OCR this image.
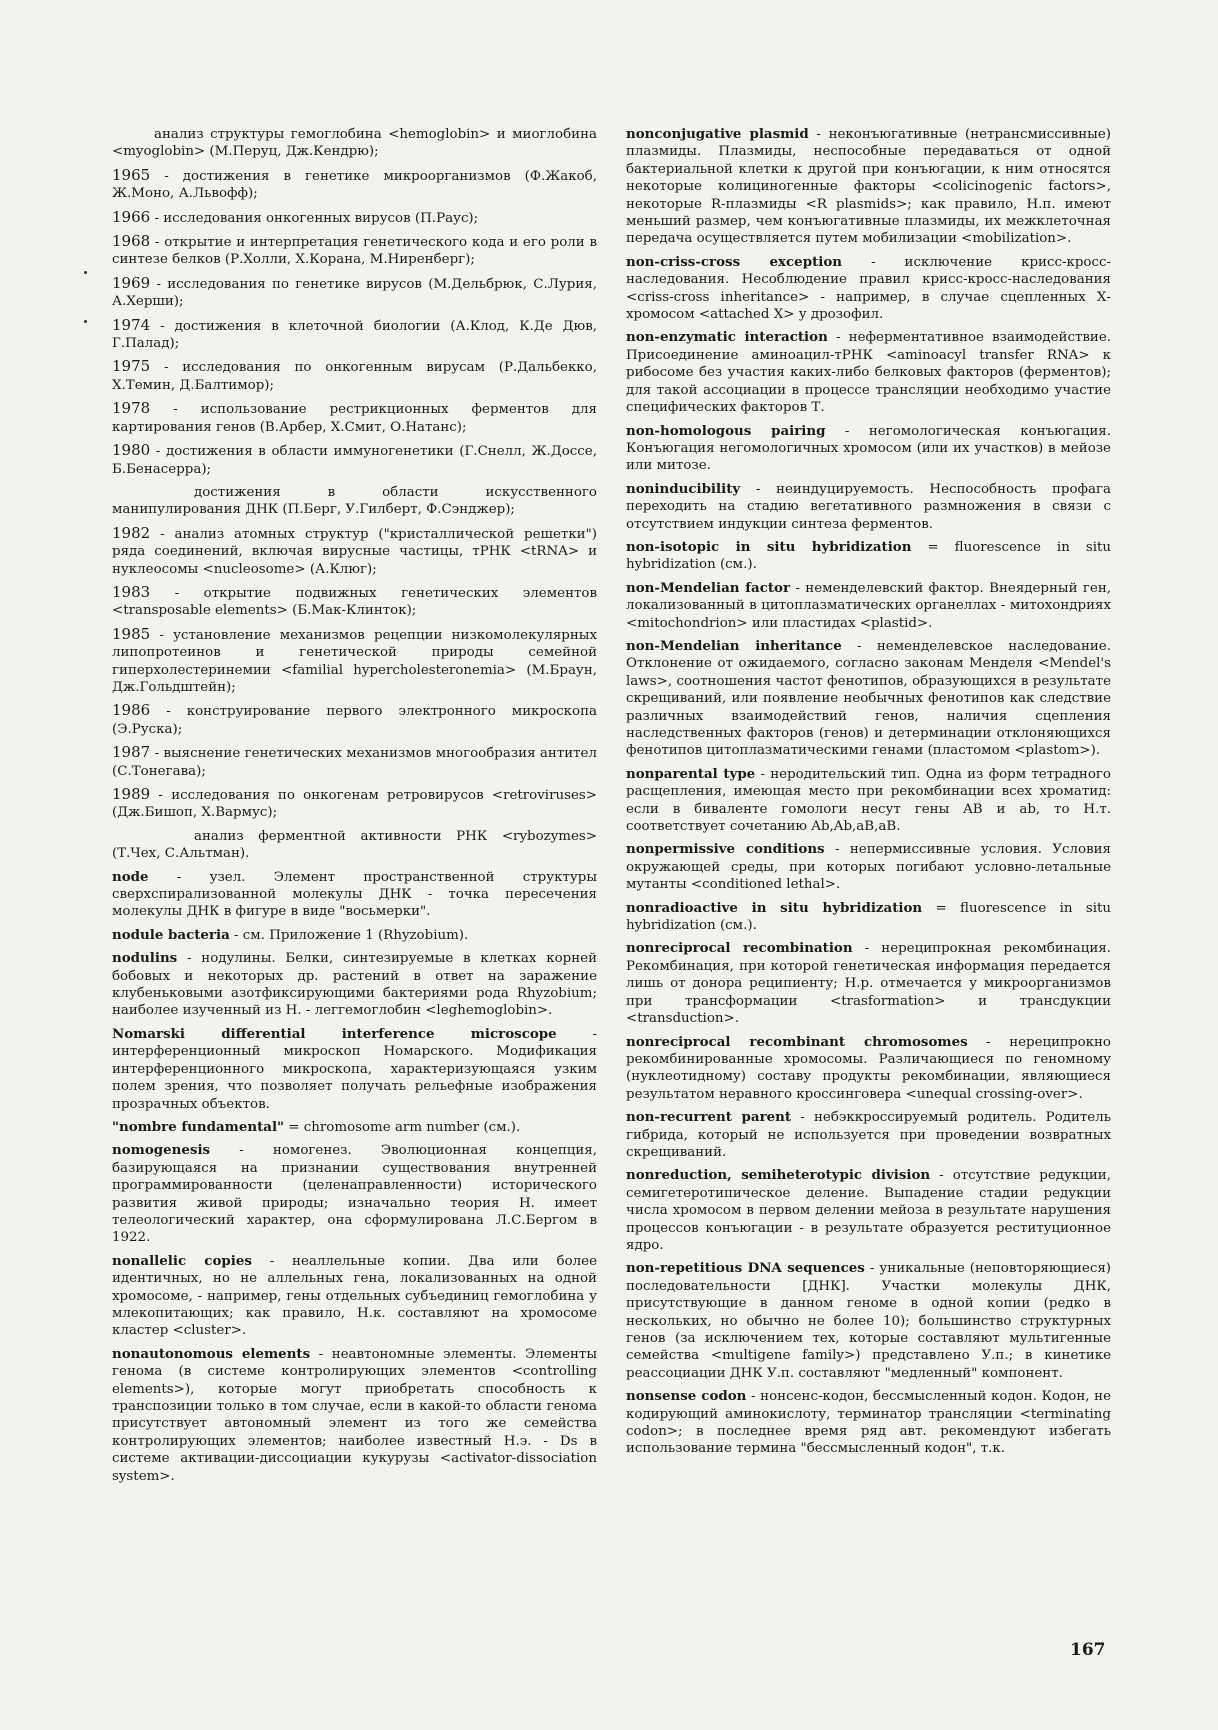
анализ структуры гемоглобина <hemoglobin> и миоглобина <myoglobin> (М.Перуц, Дж.Кендрю);

1965 - достижения в генетике микроорганизмов (Ф.Жакоб, Ж.Моно, А.Львофф);

1966 - исследования онкогенных вирусов (П.Раус);

1968 - открытие и интерпретация генетического кода и его роли в синтезе белков (Р.Холли, Х.Корана, М.Ниренберг);

1969 - исследования по генетике вирусов (М.Дельбрюк, С.Лурия, А.Херши);

1974 - достижения в клеточной биологии (А.Клод, К.Де Дюв, Г.Палад);

1975 - исследования по онкогенным вирусам (Р.Дальбекко, Х.Темин, Д.Балтимор);

1978 - использование рестрикционных ферментов для картирования генов (В.Арбер, Х.Смит, О.Натанс);

1980 - достижения в области иммуногенетики (Г.Снелл, Ж.Доссе, Б.Бенасерра);

достижения в области искусственного манипулирования ДНК (П.Берг, У.Гилберт, Ф.Сэнджер);

1982 - анализ атомных структур ("кристаллической решетки") ряда соединений, включая вирусные частицы, тРНК <tRNA> и нуклеосомы <nucleosome> (А.Клюг);

1983 - открытие подвижных генетических элементов <transposable elements> (Б.Мак-Клинток);

1985 - установление механизмов рецепции низкомолекулярных липопротеинов и генетической природы семейной гиперхолестеринемии <familial hypercholesteronemia> (М.Браун, Дж.Гольдштейн);

1986 - конструирование первого электронного микроскопа (Э.Руска);

1987 - выяснение генетических механизмов многообразия антител (С.Тонегава);

1989 - исследования по онкогенам ретровирусов <retroviruses> (Дж.Бишоп, Х.Вармус);

анализ ферментной активности РНК <rybozymes> (Т.Чех, С.Альтман).

node - узел. Элемент пространственной структуры сверхспирализованной молекулы ДНК - точка пересечения молекулы ДНК в фигуре в виде "восьмерки".

nodule bacteria - см. Приложение 1 (Rhyzobium).

nodulins - нодулины. Белки, синтезируемые в клетках корней бобовых и некоторых др. растений в ответ на заражение клубеньковыми азотфиксирующими бактериями рода Rhyzobium; наиболее изученный из Н. - леггемоглобин <leghemoglobin>.

Nomarski differential interference microscope - интерференционный микроскоп Номарского. Модификация интерференционного микроскопа, характеризующаяся узким полем зрения, что позволяет получать рельефные изображения прозрачных объектов.

"nombre fundamental" = chromosome arm number (см.).

nomogenesis - номогенез. Эволюционная концепция, базирующаяся на признании существования внутренней программированности (целенаправленности) исторического развития живой природы; изначально теория Н. имеет телеологический характер, она сформулирована Л.С.Бергом в 1922.

nonallelic copies - неаллельные копии. Два или более идентичных, но не аллельных гена, локализованных на одной хромосоме, - например, гены отдельных субъединиц гемоглобина у млекопитающих; как правило, Н.к. составляют на хромосоме кластер <cluster>.

nonautonomous elements - неавтономные элементы. Элементы генома (в системе контролирующих элементов <controlling elements>), которые могут приобретать способность к транспозиции только в том случае, если в какой-то области генома присутствует автономный элемент из того же семейства контролирующих элементов; наиболее известный Н.э. - Ds в системе активации-диссоциации кукурузы <activator-dissociation system>.

nonconjugative plasmid - неконъюгативные (нетрансмиссивные) плазмиды. Плазмиды, неспособные передаваться от одной бактериальной клетки к другой при конъюгации, к ним относятся некоторые колициногенные факторы <colicinogenic factors>, некоторые R-плазмиды <R plasmids>; как правило, Н.п. имеют меньший размер, чем конъюгативные плазмиды, их межклеточная передача осуществляется путем мобилизации <mobilization>.

non-criss-cross exception - исключение крисс-кросс-наследования. Несоблюдение правил крисс-кросс-наследования <criss-cross inheritance> - например, в случае сцепленных Х-хромосом <attached X> у дрозофил.

non-enzymatic interaction - неферментативное взаимодействие. Присоединение аминоацил-тРНК <aminoacyl transfer RNA> к рибосоме без участия каких-либо белковых факторов (ферментов); для такой ассоциации в процессе трансляции необходимо участие специфических факторов Т.

non-homologous pairing - негомологическая конъюгация. Конъюгация негомологичных хромосом (или их участков) в мейозе или митозе.

noninducibility - неиндуцируемость. Неспособность профага переходить на стадию вегетативного размножения в связи с отсутствием индукции синтеза ферментов.

non-isotopic in situ hybridization = fluorescence in situ hybridization (см.).

non-Mendelian factor - неменделевский фактор. Внеядерный ген, локализованный в цитоплазматических органеллах - митохондриях <mitochondrion> или пластидах <plastid>.

non-Mendelian inheritance - неменделевское наследование. Отклонение от ожидаемого, согласно законам Менделя <Mendel's laws>, соотношения частот фенотипов, образующихся в результате скрещиваний, или появление необычных фенотипов как следствие различных взаимодействий генов, наличия сцепления наследственных факторов (генов) и детерминации отклоняющихся фенотипов цитоплазматическими генами (пластомом <plastom>).

nonparental type - неродительский тип. Одна из форм тетрадного расщепления, имеющая место при рекомбинации всех хроматид: если в биваленте гомологи несут гены AB и ab, то Н.т. соответствует сочетанию Ab,Ab,aB,aB.

nonpermissive conditions - непермиссивные условия. Условия окружающей среды, при которых погибают условно-летальные мутанты <conditioned lethal>.

nonradioactive in situ hybridization = fluorescence in situ hybridization (см.).

nonreciprocal recombination - нереципрокная рекомбинация. Рекомбинация, при которой генетическая информация передается лишь от донора реципиенту; Н.р. отмечается у микроорганизмов при трансформации <trasformation> и трансдукции <transduction>.

nonreciprocal recombinant chromosomes - нереципрокно рекомбинированные хромосомы. Различающиеся по геномному (нуклеотидному) составу продукты рекомбинации, являющиеся результатом неравного кроссинговера <unequal crossing-over>.

non-recurrent parent - небэккроссируемый родитель. Родитель гибрида, который не используется при проведении возвратных скрещиваний.

nonreduction, semiheterotypic division - отсутствие редукции, семигетеротипическое деление. Выпадение стадии редукции числа хромосом в первом делении мейоза в результате нарушения процессов конъюгации - в результате образуется реституционное ядро.

non-repetitious DNA sequences - уникальные (неповторяющиеся) последовательности [ДНК]. Участки молекулы ДНК, присутствующие в данном геноме в одной копии (редко в нескольких, но обычно не более 10); большинство структурных генов (за исключением тех, которые составляют мультигенные семейства <multigene family>) представлено У.п.; в кинетике реассоциации ДНК У.п. составляют "медленный" компонент.

nonsense codon - нонсенс-кодон, бессмысленный кодон. Кодон, не кодирующий аминокислоту, терминатор трансляции <terminating codon>; в последнее время ряд авт. рекомендуют избегать использование термина "бессмысленный кодон", т.к.

167
